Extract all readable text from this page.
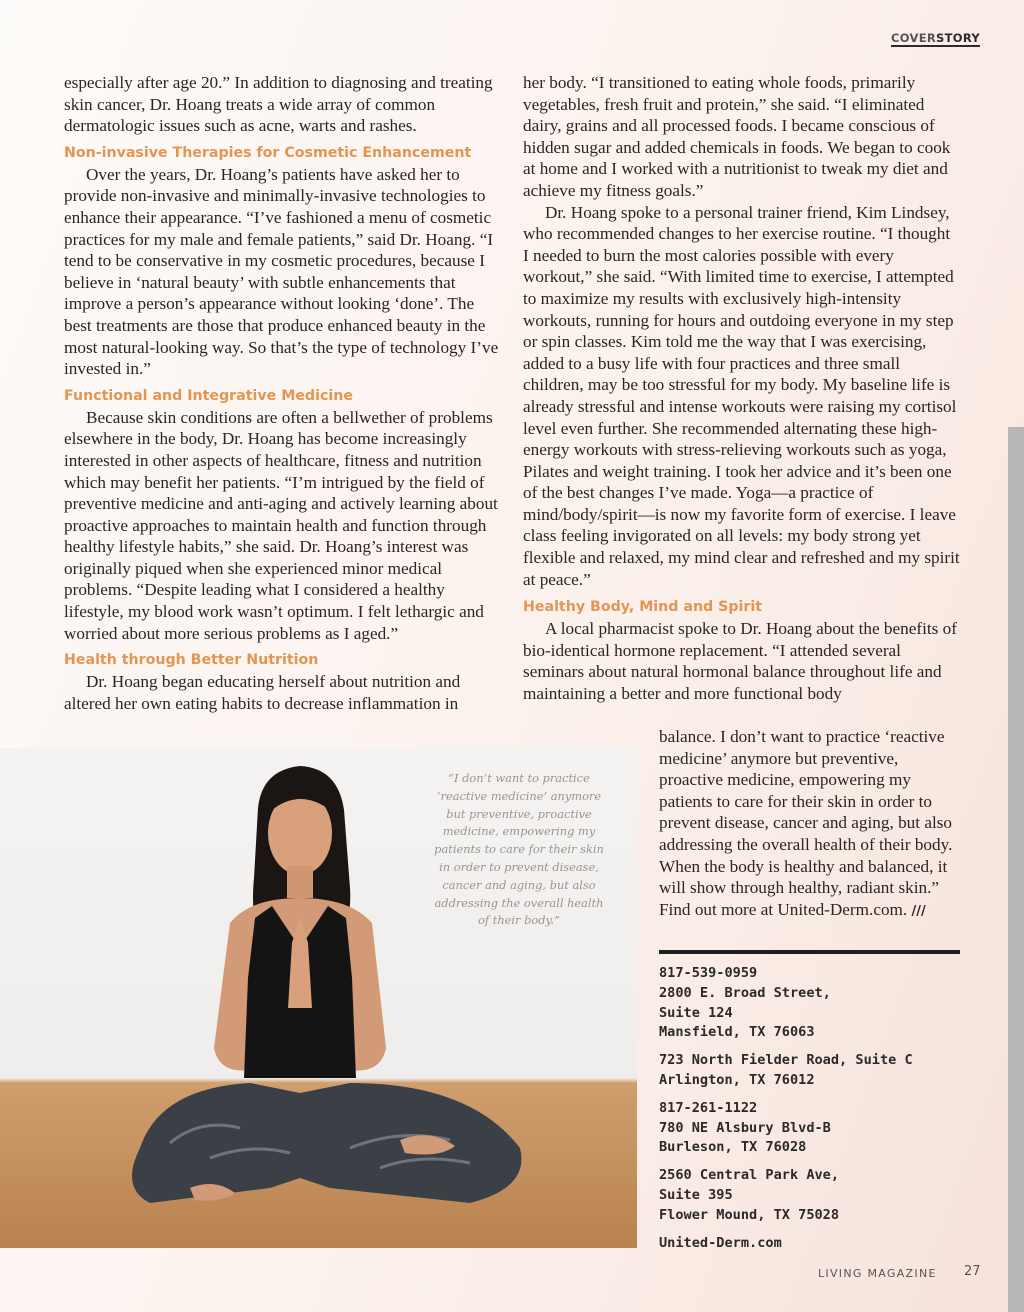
COVERSTORY

especially after age 20.” In addition to diagnosing and treating skin cancer, Dr. Hoang treats a wide array of common dermatologic issues such as acne, warts and rashes.

Non-invasive Therapies for Cosmetic Enhancement

Over the years, Dr. Hoang’s patients have asked her to provide non-invasive and minimally-invasive technologies to enhance their appearance. “I’ve fashioned a menu of cosmetic practices for my male and female patients,” said Dr. Hoang. “I tend to be conservative in my cosmetic procedures, because I believe in ‘natural beauty’ with subtle enhancements that improve a person’s appearance without looking ‘done’. The best treatments are those that produce enhanced beauty in the most natural-looking way. So that’s the type of technology I’ve invested in.”

Functional and Integrative Medicine

Because skin conditions are often a bellwether of problems elsewhere in the body, Dr. Hoang has become increasingly interested in other aspects of healthcare, fitness and nutrition which may benefit her patients. “I’m intrigued by the field of preventive medicine and anti-aging and actively learning about proactive approaches to maintain health and function through healthy lifestyle habits,” she said. Dr. Hoang’s interest was originally piqued when she experienced minor medical problems. “Despite leading what I considered a healthy lifestyle, my blood work wasn’t optimum. I felt lethargic and worried about more serious problems as I aged.”

Health through Better Nutrition

Dr. Hoang began educating herself about nutrition and altered her own eating habits to decrease inflammation in

her body. “I transitioned to eating whole foods, primarily vegetables, fresh fruit and protein,” she said. “I eliminated dairy, grains and all processed foods. I became conscious of hidden sugar and added chemicals in foods. We began to cook at home and I worked with a nutritionist to tweak my diet and achieve my fitness goals.”

Dr. Hoang spoke to a personal trainer friend, Kim Lindsey, who recommended changes to her exercise routine. “I thought I needed to burn the most calories possible with every workout,” she said. “With limited time to exercise, I attempted to maximize my results with exclusively high-intensity workouts, running for hours and outdoing everyone in my step or spin classes. Kim told me the way that I was exercising, added to a busy life with four practices and three small children, may be too stressful for my body. My baseline life is already stressful and intense workouts were raising my cortisol level even further. She recommended alternating these high-energy workouts with stress-relieving workouts such as yoga, Pilates and weight training. I took her advice and it’s been one of the best changes I’ve made. Yoga—a practice of mind/body/spirit—is now my favorite form of exercise. I leave class feeling invigorated on all levels: my body strong yet flexible and relaxed, my mind clear and refreshed and my spirit at peace.”

Healthy Body, Mind and Spirit

A local pharmacist spoke to Dr. Hoang about the benefits of bio-identical hormone replacement. “I attended several seminars about natural hormonal balance throughout life and maintaining a better and more functional body

balance. I don’t want to practice ‘reactive medicine’ anymore but preventive, proactive medicine, empowering my patients to care for their skin in order to prevent disease, cancer and aging, but also addressing the overall health of their body. When the body is healthy and balanced, it will show through healthy, radiant skin.” Find out more at United-Derm.com. ///
“I don’t want to practice ‘reactive medicine’ anymore but preventive, proactive medicine, empowering my patients to care for their skin in order to prevent disease, cancer and aging, but also addressing the overall health of their body.”
817-539-0959
2800 E. Broad Street,
Suite 124
Mansfield, TX 76063
723 North Fielder Road, Suite C
Arlington, TX 76012
817-261-1122
780 NE Alsbury Blvd-B
Burleson, TX 76028
2560 Central Park Ave,
Suite 395
Flower Mound, TX 75028
United-Derm.com
LIVING MAGAZINE 27
